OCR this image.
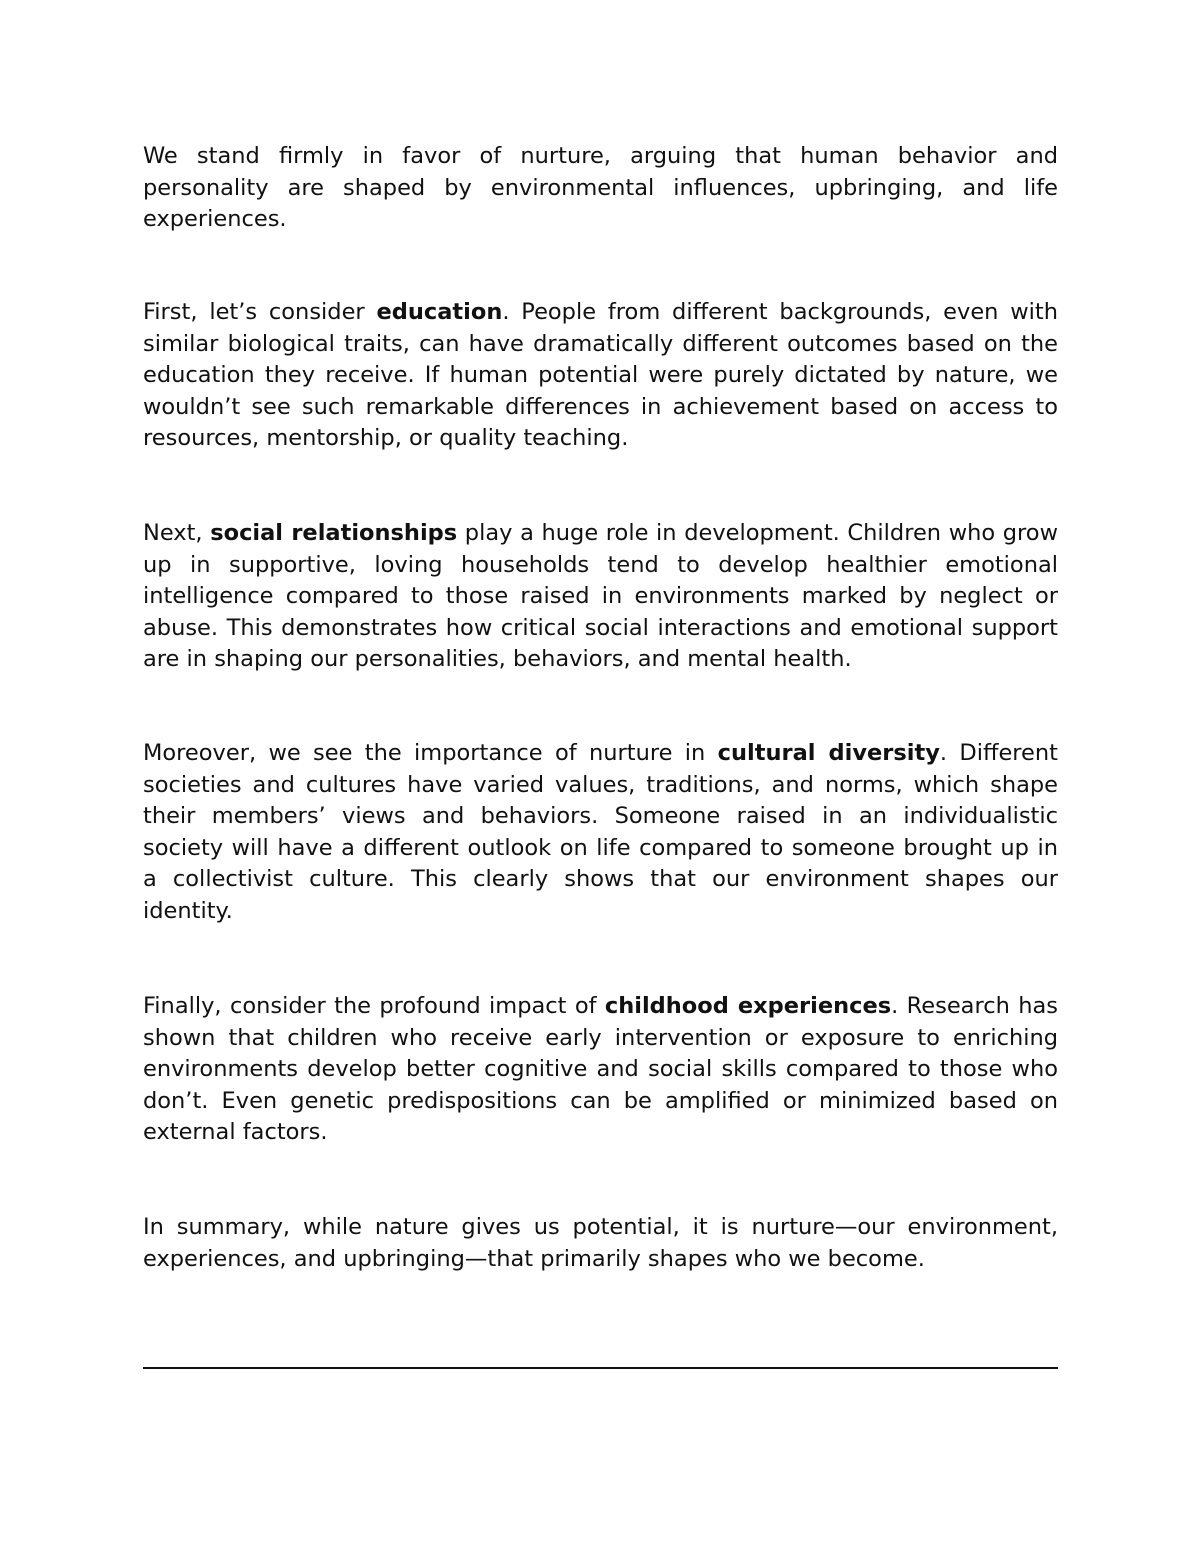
We stand firmly in favor of nurture, arguing that human behavior and personality are shaped by environmental influences, upbringing, and life experiences.

First, let’s consider education. People from different backgrounds, even with similar biological traits, can have dramatically different outcomes based on the education they receive. If human potential were purely dictated by nature, we wouldn’t see such remarkable differences in achievement based on access to resources, mentorship, or quality teaching.

Next, social relationships play a huge role in development. Children who grow up in supportive, loving households tend to develop healthier emotional intelligence compared to those raised in environments marked by neglect or abuse. This demonstrates how critical social interactions and emotional support are in shaping our personalities, behaviors, and mental health.

Moreover, we see the importance of nurture in cultural diversity. Different societies and cultures have varied values, traditions, and norms, which shape their members’ views and behaviors. Someone raised in an individualistic society will have a different outlook on life compared to someone brought up in a collectivist culture. This clearly shows that our environment shapes our identity.

Finally, consider the profound impact of childhood experiences. Research has shown that children who receive early intervention or exposure to enriching environments develop better cognitive and social skills compared to those who don’t. Even genetic predispositions can be amplified or minimized based on external factors.

In summary, while nature gives us potential, it is nurture—our environment, experiences, and upbringing—that primarily shapes who we become.
